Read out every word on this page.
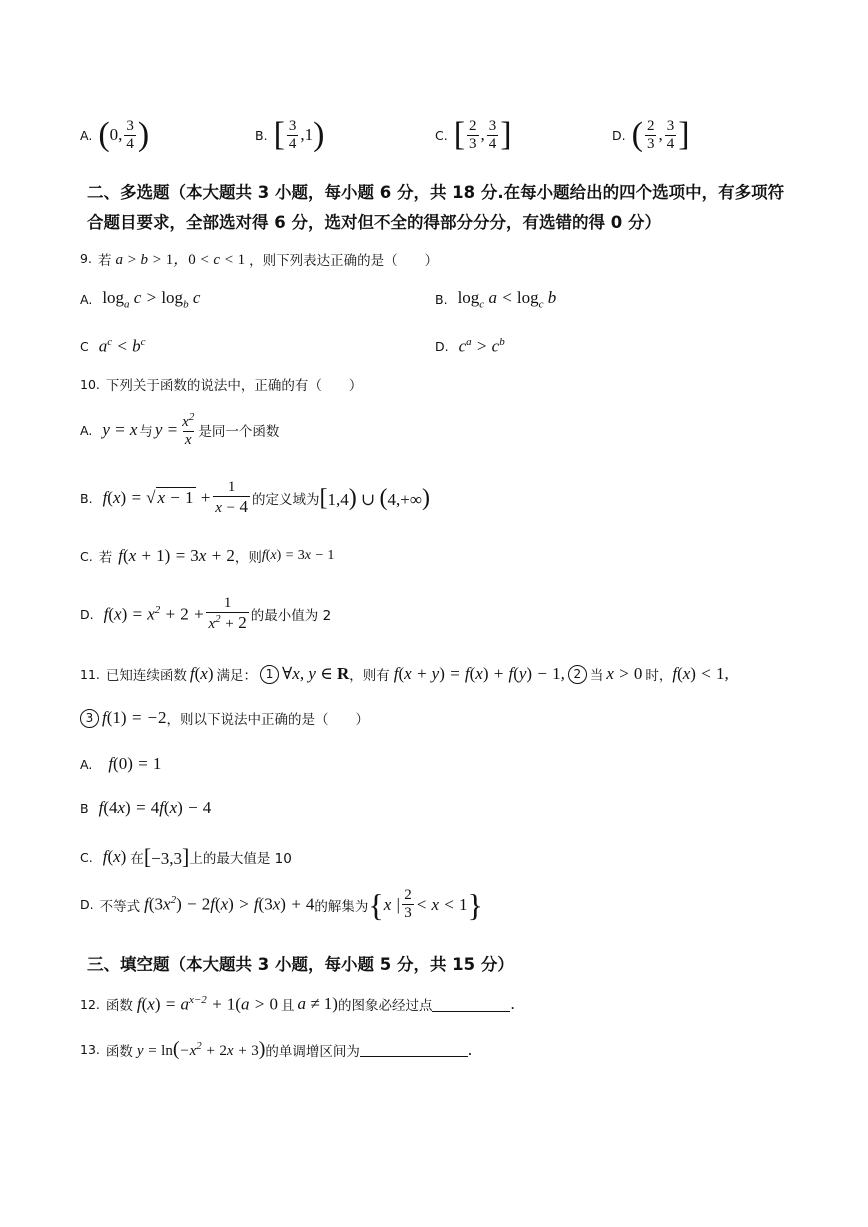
A. ( 0, $\frac{3}{4}$ )	B. [ $\frac{3}{4} ,1$ )	C. [ $\frac{2}{3}$ , $\frac{3}{4}$ ]	D. ( $\frac{2}{3}$ , $\frac{3}{4}$ ]
二、多选题（本大题共 3 小题，每小题 6 分，共 18 分.在每小题给出的四个选项中，有多项符合题目要求，全部选对得 6 分，选对但不全的得部分分分，有选错的得 0 分）
9. 若 a > b > 1，0 < c < 1 ，则下列表达正确的是（　　）
A. $\log_a c > \log_b c$	B. $\log_c a < \log_c b$
C $a^c < b^c$	D. $c^a > c^b$
10. 下列关于函数的说法中，正确的有（　　）
A. y = x 与 $y = \frac{x^2}{x}$ 是同一个函数
B. f(x) = √ $x - 1 + \frac{1}{x - 4}$ 的定义域为 [1,4) ∪ (4,+∞)
C. 若 f(x + 1) = 3x + 2 ，则 f(x) = 3x − 1
D. $f(x) = x^2 + 2 + \frac{1}{x^2 + 2}$ 的最小值为 2
11. 已知连续函数 f(x) 满足： 1 ∀x, y ∈ R ，则有 f(x + y) = f(x) + f(y) − 1, 2 当 x > 0 时， f(x) < 1,
3 f(1) = −2 ，则以下说法中正确的是（　　）
A. f(0) = 1
B f(4x) = 4f(x) − 4
C. f(x) 在 [−3,3] 上的最大值是 10
D. 不等式 $f(3x^2) - 2f(x) > f(3x) + 4$ 的解集为 { x | $\frac{2}{3} < x < 1$ }
三、填空题（本大题共 3 小题，每小题 5 分，共 15 分）
12. 函数 $f(x) = a^{x-2} + 1(a > 0$ 且 a ≠ 1) 的图象必经过点	.
13. 函数 $y = \ln(-x^2 + 2x + 3)$ 的单调增区间为	.
